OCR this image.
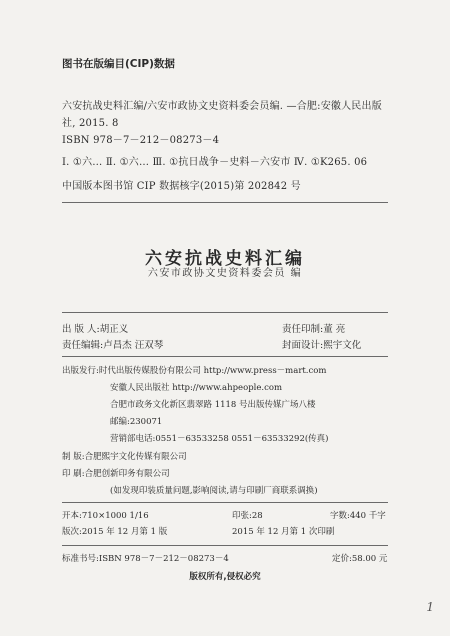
图书在版编目(CIP)数据
六安抗战史料汇编/六安市政协文史资料委会员编. —合肥:安徽人民出版
社, 2015. 8
ISBN 978－7－212－08273－4
Ⅰ. ①六… Ⅱ. ①六… Ⅲ. ①抗日战争－史料－六安市 Ⅳ. ①K265. 06
中国版本图书馆 CIP 数据核字(2015)第 202842 号
六安抗战史料汇编
六安市政协文史资料委会员 编
出 版 人:胡正义	责任印制:董 亮
责任编辑:卢昌杰 汪双琴	封面设计:熙宇文化
出版发行:时代出版传媒股份有限公司 http://www.press－mart.com
安徽人民出版社 http://www.ahpeople.com
合肥市政务文化新区翡翠路 1118 号出版传媒广场八楼
邮编:230071
营销部电话:0551－63533258 0551－63533292(传真)
制 版:合肥熙宇文化传媒有限公司
印 刷:合肥创新印务有限公司
(如发现印装质量问题,影响阅读,请与印刷厂商联系调换)
开本:710×1000 1/16	印张:28	字数:440 千字
版次:2015 年 12 月第 1 版	2015 年 12 月第 1 次印刷
标准书号:ISBN 978－7－212－08273－4	定价:58.00 元
版权所有,侵权必究
1
